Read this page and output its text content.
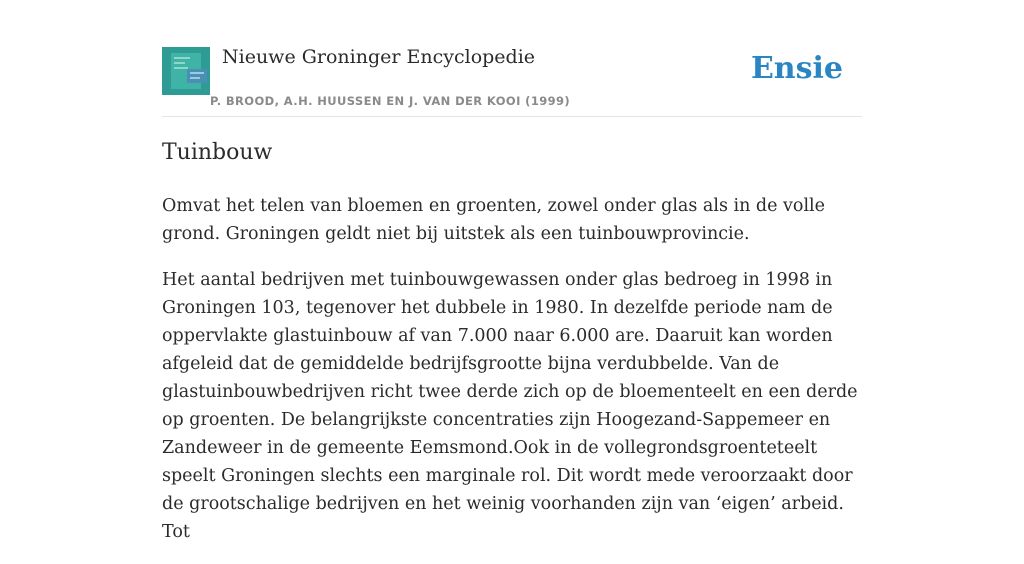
Nieuwe Groninger Encyclopedie
P. BROOD, A.H. HUUSSEN EN J. VAN DER KOOI (1999)
Ensie
Tuinbouw

Omvat het telen van bloemen en groenten, zowel onder glas als in de volle grond. Groningen geldt niet bij uitstek als een tuinbouwprovincie.

Het aantal bedrijven met tuinbouwgewassen onder glas bedroeg in 1998 in Groningen 103, tegenover het dubbele in 1980. In dezelfde periode nam de oppervlakte glastuinbouw af van 7.000 naar 6.000 are. Daaruit kan worden afgeleid dat de gemiddelde bedrijfsgrootte bijna verdubbelde. Van de glastuinbouwbedrijven richt twee derde zich op de bloementeelt en een derde op groenten. De belangrijkste concentraties zijn Hoogezand-Sappemeer en Zandeweer in de gemeente Eemsmond.Ook in de vollegrondsgroenteteelt speelt Groningen slechts een marginale rol. Dit wordt mede veroorzaakt door de grootschalige bedrijven en het weinig voorhanden zijn van ‘eigen’ arbeid. Tot
